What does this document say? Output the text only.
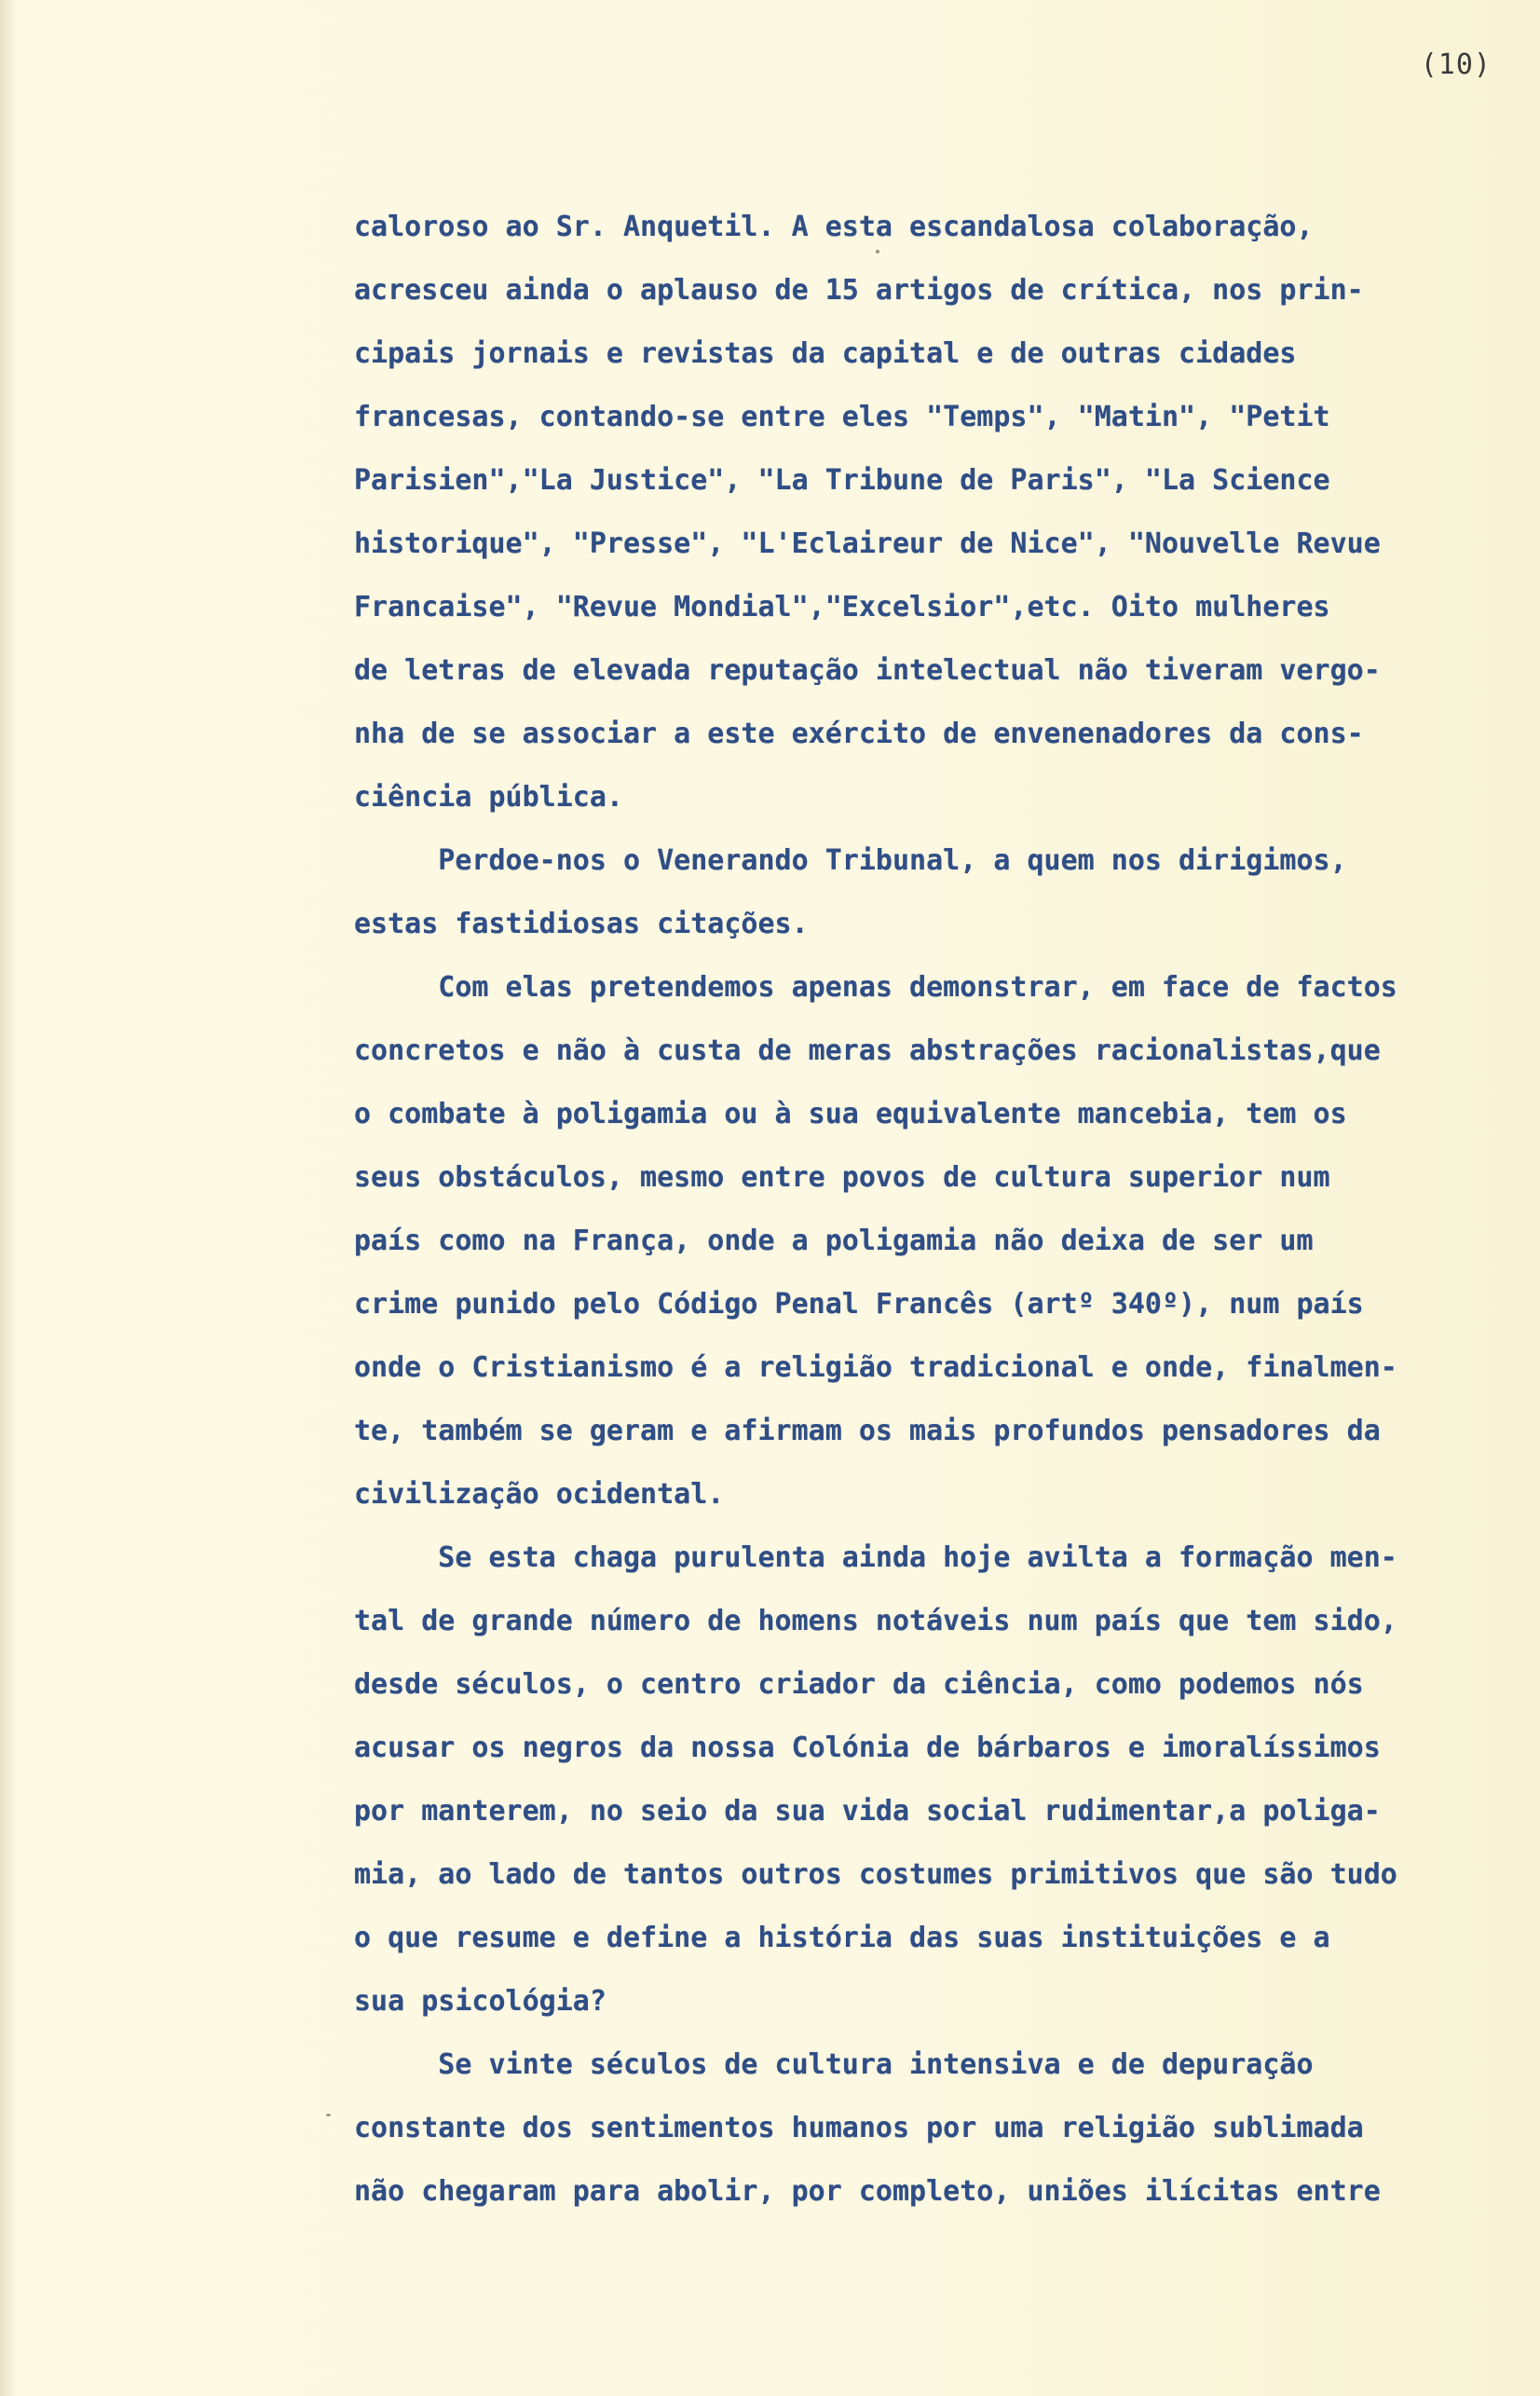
(10)
caloroso ao Sr. Anquetil. A esta escandalosa colaboração,
acresceu ainda o aplauso de 15 artigos de crítica, nos prin-
cipais jornais e revistas da capital e de outras cidades
francesas, contando-se entre eles "Temps", "Matin", "Petit
Parisien","La Justice", "La Tribune de Paris", "La Science
historique", "Presse", "L'Eclaireur de Nice", "Nouvelle Revue
Francaise", "Revue Mondial","Excelsior",etc. Oito mulheres
de letras de elevada reputação intelectual não tiveram vergo-
nha de se associar a este exército de envenenadores da cons-
ciência pública.
Perdoe-nos o Venerando Tribunal, a quem nos dirigimos,
estas fastidiosas citações.
Com elas pretendemos apenas demonstrar, em face de factos
concretos e não à custa de meras abstrações racionalistas,que
o combate à poligamia ou à sua equivalente mancebia, tem os
seus obstáculos, mesmo entre povos de cultura superior num
país como na França, onde a poligamia não deixa de ser um
crime punido pelo Código Penal Francês (artº 340º), num país
onde o Cristianismo é a religião tradicional e onde, finalmen-
te, também se geram e afirmam os mais profundos pensadores da
civilização ocidental.
Se esta chaga purulenta ainda hoje avilta a formação men-
tal de grande número de homens notáveis num país que tem sido,
desde séculos, o centro criador da ciência, como podemos nós
acusar os negros da nossa Colónia de bárbaros e imoralíssimos
por manterem, no seio da sua vida social rudimentar,a poliga-
mia, ao lado de tantos outros costumes primitivos que são tudo
o que resume e define a história das suas instituições e a
sua psicológia?
Se vinte séculos de cultura intensiva e de depuração
constante dos sentimentos humanos por uma religião sublimada
não chegaram para abolir, por completo, uniões ilícitas entre
